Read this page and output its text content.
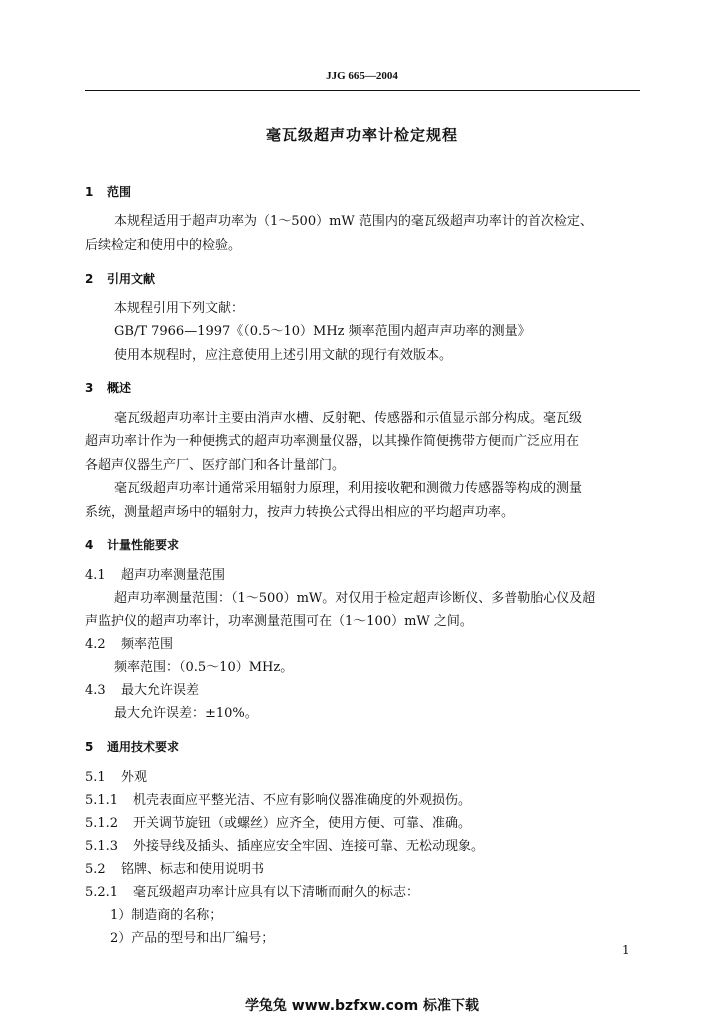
JJG 665—2004
毫瓦级超声功率计检定规程
1 范围
本规程适用于超声功率为（1～500）mW 范围内的毫瓦级超声功率计的首次检定、
后续检定和使用中的检验。
2 引用文献
本规程引用下列文献：
GB/T 7966—1997《（0.5～10）MHz 频率范围内超声声功率的测量》
使用本规程时，应注意使用上述引用文献的现行有效版本。
3 概述
毫瓦级超声功率计主要由消声水槽、反射靶、传感器和示值显示部分构成。毫瓦级
超声功率计作为一种便携式的超声功率测量仪器，以其操作简便携带方便而广泛应用在
各超声仪器生产厂、医疗部门和各计量部门。
毫瓦级超声功率计通常采用辐射力原理，利用接收靶和测微力传感器等构成的测量
系统，测量超声场中的辐射力，按声力转换公式得出相应的平均超声功率。
4 计量性能要求
4.1 超声功率测量范围
超声功率测量范围：（1～500）mW。对仅用于检定超声诊断仪、多普勒胎心仪及超
声监护仪的超声功率计，功率测量范围可在（1～100）mW 之间。
4.2 频率范围
频率范围：（0.5～10）MHz。
4.3 最大允许误差
最大允许误差：±10%。
5 通用技术要求
5.1 外观
5.1.1 机壳表面应平整光洁、不应有影响仪器准确度的外观损伤。
5.1.2 开关调节旋钮（或螺丝）应齐全，使用方便、可靠、准确。
5.1.3 外接导线及插头、插座应安全牢固、连接可靠、无松动现象。
5.2 铭牌、标志和使用说明书
5.2.1 毫瓦级超声功率计应具有以下清晰而耐久的标志：
1）制造商的名称；
2）产品的型号和出厂编号；
1
学兔兔 www.bzfxw.com 标准下载
